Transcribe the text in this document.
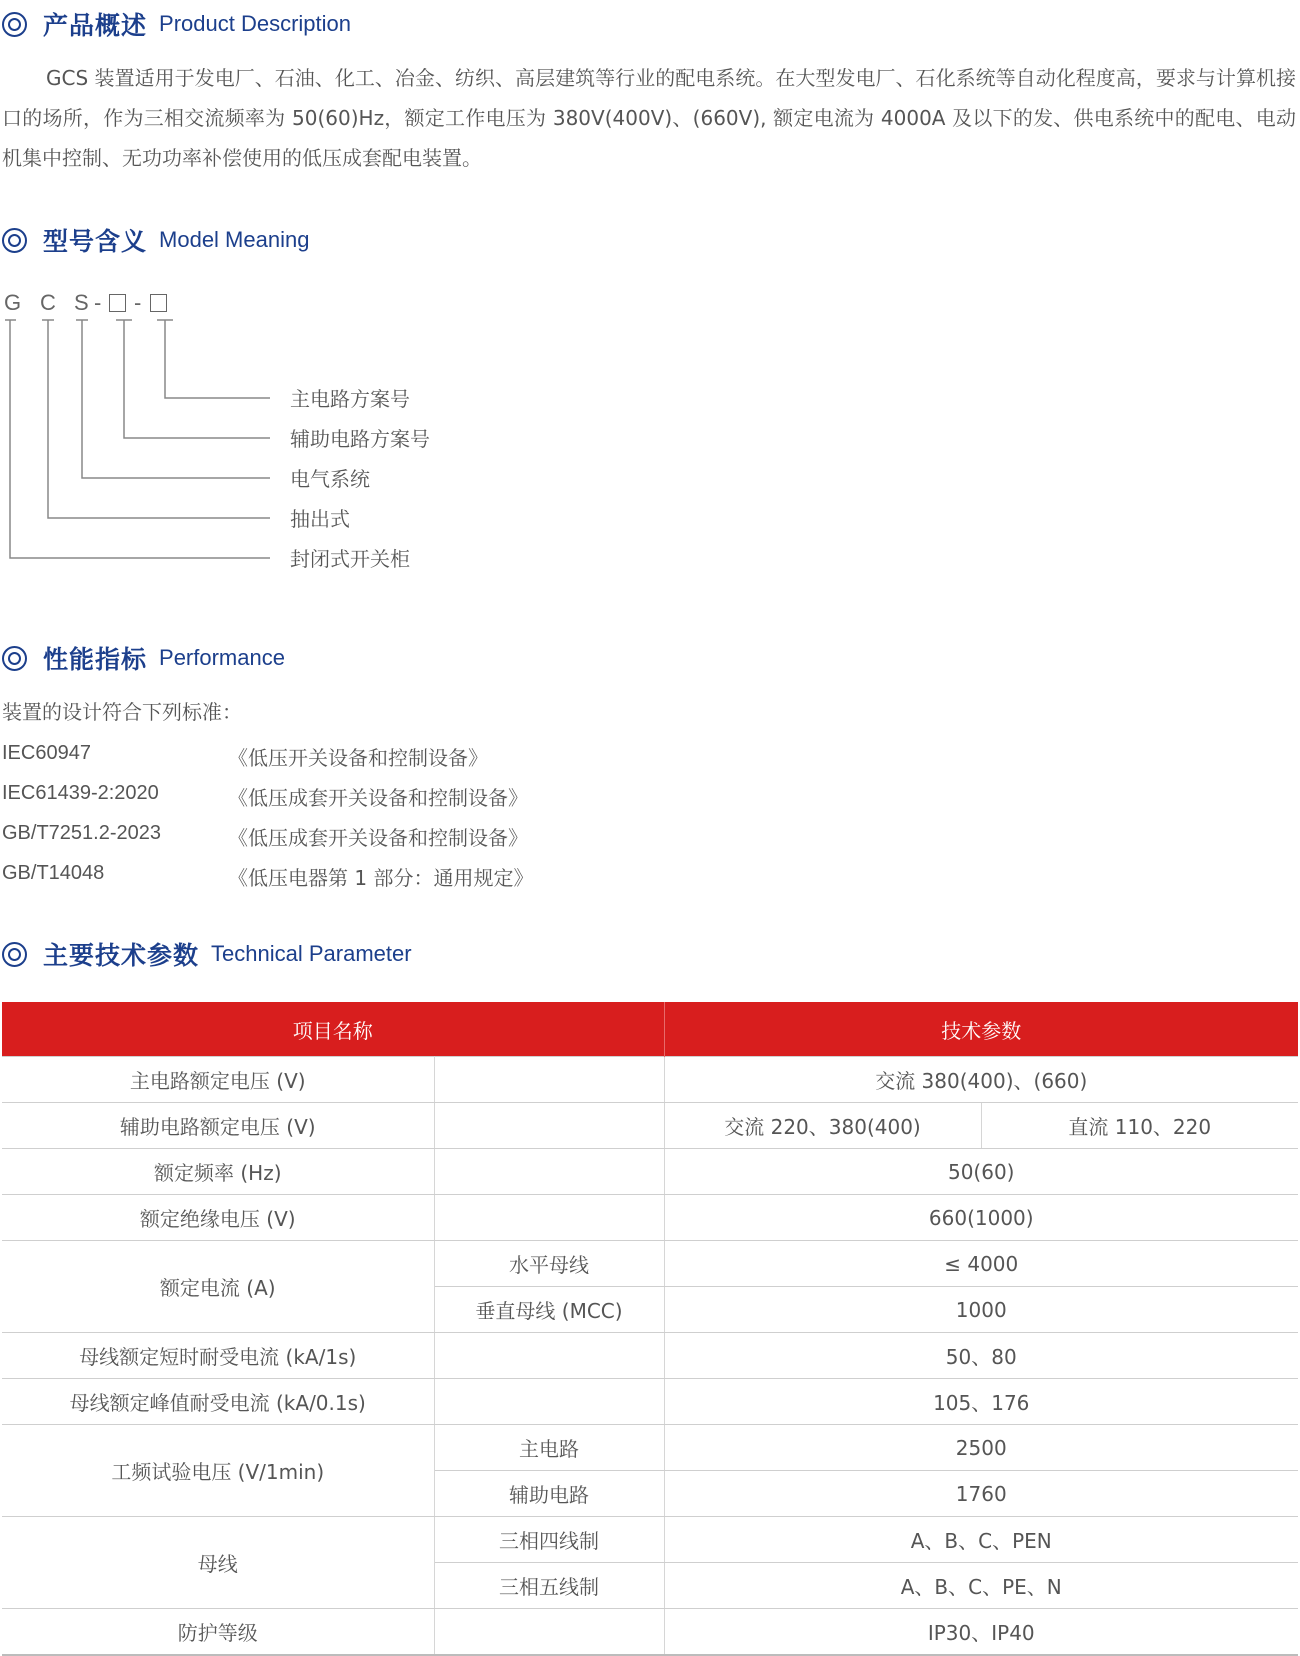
产品概述 Product Description
GCS 装置适用于发电厂、石油、化工、冶金、纺织、高层建筑等行业的配电系统。在大型发电厂、石化系统等自动化程度高，要求与计算机接口的场所，作为三相交流频率为 50(60)Hz，额定工作电压为 380V(400V)、(660V), 额定电流为 4000A 及以下的发、供电系统中的配电、电动机集中控制、无功功率补偿使用的低压成套配电装置。
型号含义 Model Meaning
G C S - -
主电路方案号
辅助电路方案号
电气系统
抽出式
封闭式开关柜
性能指标 Performance
装置的设计符合下列标准：
IEC60947	《低压开关设备和控制设备》
IEC61439-2:2020	《低压成套开关设备和控制设备》
GB/T7251.2-2023	《低压成套开关设备和控制设备》
GB/T14048	《低压电器第 1 部分：通用规定》
主要技术参数 Technical Parameter
项目名称		技术参数	
主电路额定电压 (V)		交流 380(400)、(660)	
辅助电路额定电压 (V)		交流 220、380(400)	直流 110、220
额定频率 (Hz)		50(60)	
额定绝缘电压 (V)		660(1000)	
额定电流 (A)	水平母线	≤ 4000	
	垂直母线 (MCC)	1000	
母线额定短时耐受电流 (kA/1s)		50、80	
母线额定峰值耐受电流 (kA/0.1s)		105、176	
工频试验电压 (V/1min)	主电路	2500	
	辅助电路	1760	
母线	三相四线制	A、B、C、PEN	
	三相五线制	A、B、C、PE、N	
防护等级		IP30、IP40	
